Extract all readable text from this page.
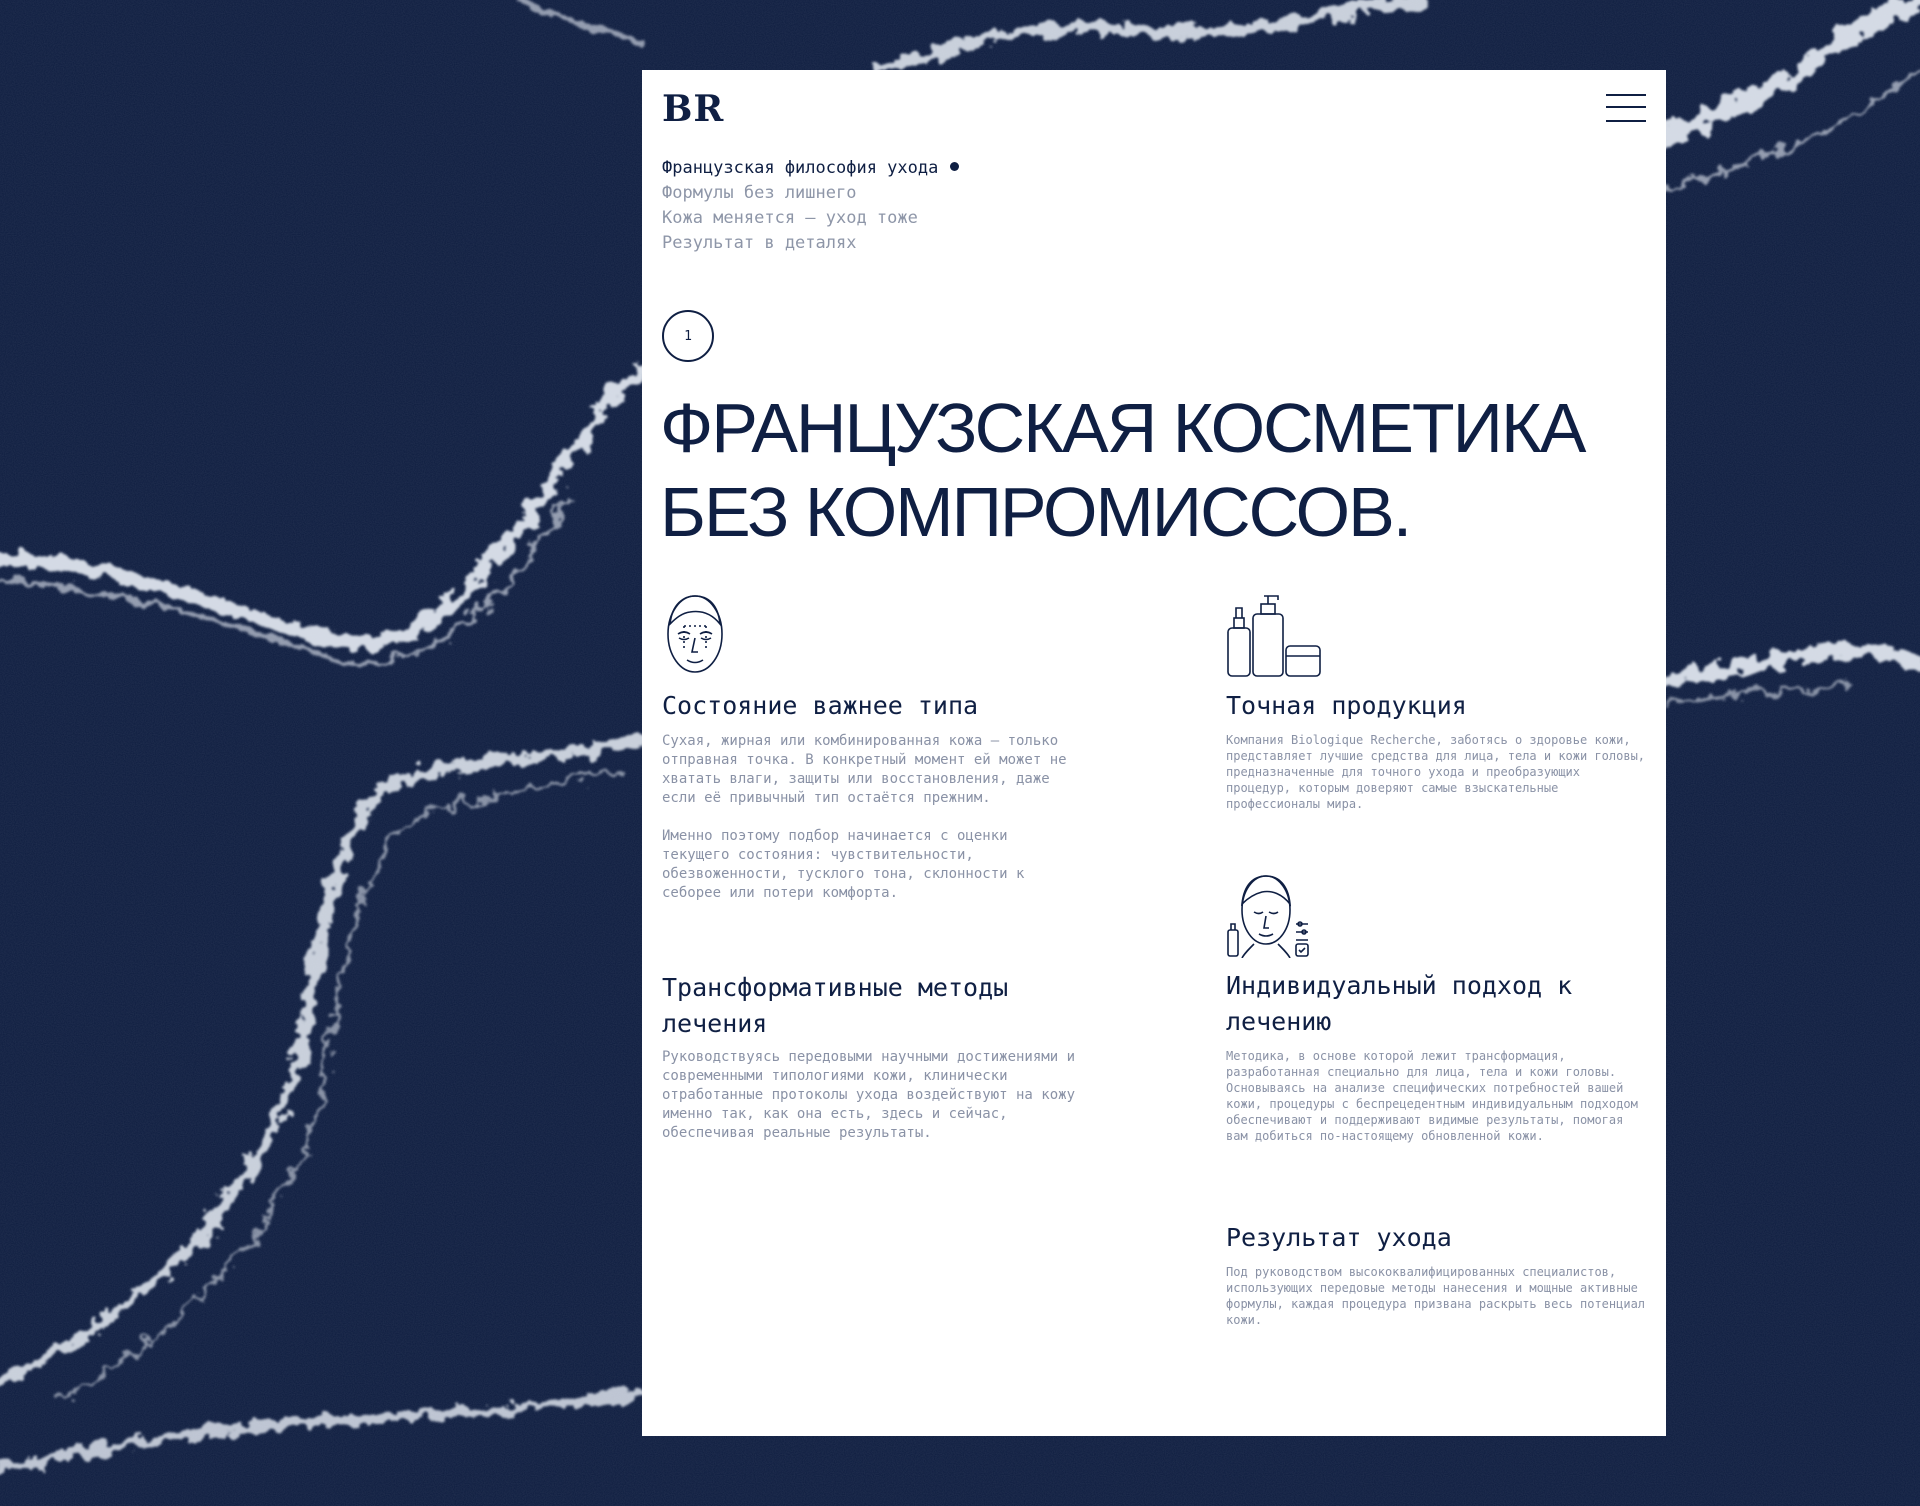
BR
Французская философия ухода
Формулы без лишнего
Кожа меняется — уход тоже
Результат в деталях
1
ФРАНЦУЗСКАЯ КОСМЕТИКА
БЕЗ КОМПРОМИССОВ.
Состояние важнее типа

Сухая, жирная или комбинированная кожа — только отправная точка. В конкретный момент ей может не хватать влаги, защиты или восстановления, даже если её привычный тип остаётся прежним.

Именно поэтому подбор начинается с оценки текущего состояния: чувствительности, обезвоженности, тусклого тона, склонности к себорее или потери комфорта.

Точная продукция

Компания Biologique Recherche, заботясь о здоровье кожи, представляет лучшие средства для лица, тела и кожи головы, предназначенные для точного ухода и преобразующих процедур, которым доверяют самые взыскательные профессионалы мира.

Трансформативные методы лечения

Руководствуясь передовыми научными достижениями и современными типологиями кожи, клинически отработанные протоколы ухода воздействуют на кожу именно так, как она есть, здесь и сейчас, обеспечивая реальные результаты.

Индивидуальный подход к лечению

Методика, в основе которой лежит трансформация, разработанная специально для лица, тела и кожи головы. Основываясь на анализе специфических потребностей вашей кожи, процедуры с беспрецедентным индивидуальным подходом обеспечивают и поддерживают видимые результаты, помогая вам добиться по-настоящему обновленной кожи.

Результат ухода

Под руководством высококвалифицированных специалистов, использующих передовые методы нанесения и мощные активные формулы, каждая процедура призвана раскрыть весь потенциал кожи.
